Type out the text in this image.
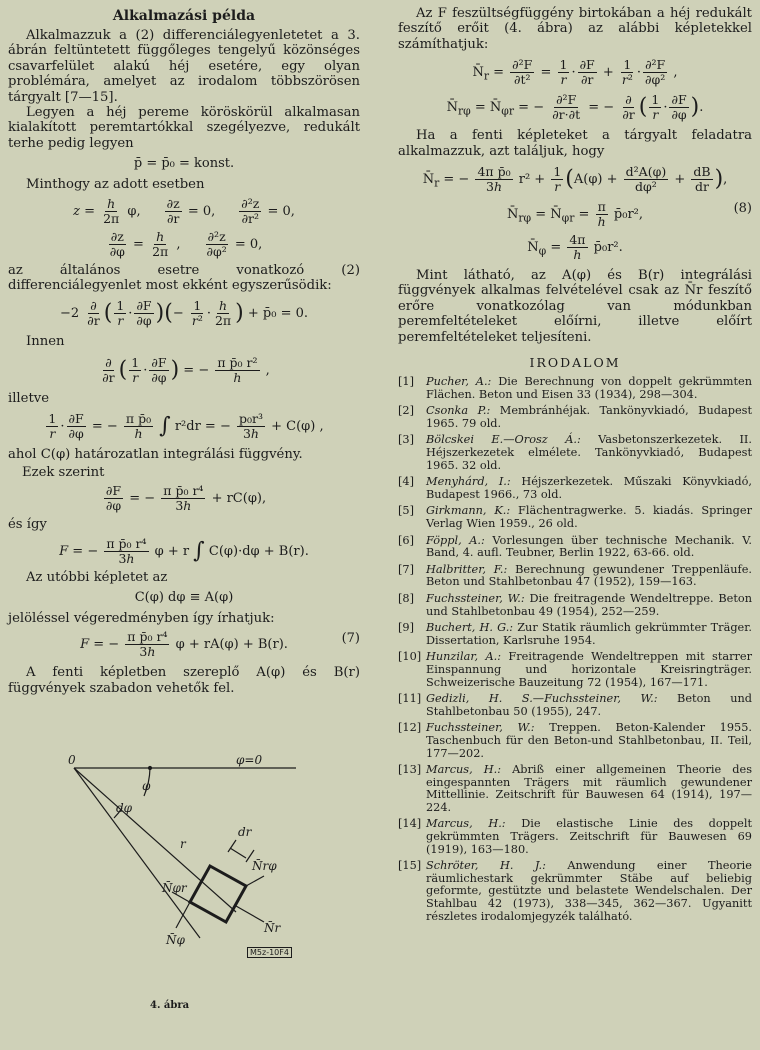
Alkalmazási példa

Alkalmazzuk a (2) differenciálegyenletetet a 3. ábrán feltüntetett függőleges tengelyű közönséges csavarfelület alakú héj esetére, egy olyan problémára, amelyet az irodalom többszörösen tárgyalt [7—15].

Legyen a héj pereme köröskörül alkalmasan kialakított peremtartókkal szegélyezve, redukált terhe pedig legyen

p̄ = p̄₀ = konst.

Minthogy az adott esetben

$z = \frac{h}{2\pi} \varphi$, $\frac{\partial z}{\partial r} = 0$, $\frac{\text{∂²z}}{\text{∂r²}} = 0$,
$\frac{\partial z}{\partial\varphi} = \frac{h}{2\pi}$ , $\frac{\text{∂²z}}{\text{∂φ²}} = 0$,

az általános esetre vonatkozó (2) differenciálegyenlet most ekként egyszerűsödik:

$-2 \frac{\partial}{\partial r}$ ( $\frac{1}{r} \cdot \frac{\partial F}{\partial\varphi}$ )(− $\frac{1}{\text{r²}} \cdot \frac{h}{2\pi}$ ) + p̄₀ = 0.
Innen
$\frac{\partial}{\partial r}$ ( $\frac{1}{r} \cdot \frac{\partial F}{\partial\varphi}$ ) = − $\frac{\text{π p̄₀ r²}}{h}$ ,
illetve
$\frac{1}{r} \cdot \frac{\partial F}{\partial\varphi}$ = − $\frac{\text{π p̄₀}}{h}$ ∫ r²dr = − $\frac{\text{p₀r³}}{3h} + C(\varphi)$ ,

ahol C(φ) határozatlan integrálási függvény.

Ezek szerint
$\frac{\partial F}{\partial\varphi}$ = − $\frac{\text{π p̄₀ r⁴}}{3h} + rC(\varphi)$,
és így
F = − $\frac{\text{π p̄₀ r⁴}}{3h}$ φ + r ∫ C(φ)·dφ + B(r).

Az utóbbi képletet az

C(φ) dφ ≡ A(φ)

jelöléssel végeredményben így írhatjuk:

F = − $\frac{\text{π p̄₀ r⁴}}{3h}$ φ + rA(φ) + B(r).	(7)

A fenti képletben szereplő A(φ) és B(r) függvények szabadon vehetők fel.

0	φ=0
φ
dφ
r
dr
N̄φr
N̄rφ
N̄r
N̄φ
M5z-10F4
4. ábra

Az F feszültségfüggény birtokában a héj redukált feszítő erőit (4. ábra) az alábbi képletekkel számíthatjuk:

$N̄_r = \frac{\text{∂²F}}{\text{∂t²}} = \frac{1}{r} \cdot \frac{\partial F}{\partial r} + \frac{1}{\text{r²}} \cdot \frac{\text{∂²F}}{\text{∂φ²}}$ ,
$N̄_{r\varphi}$ = $N̄_{\varphi r}$ = − $\frac{\text{∂²F}}{\partial r\cdot\partial t}$ = − $\frac{\partial}{\partial r}$ ( $\frac{1}{r} \cdot \frac{\partial F}{\partial\varphi}$ ).

Ha a fenti képleteket a tárgyalt feladatra alkalmazzuk, azt találjuk, hogy

$N̄_r$ = − $\frac{\text{4π p̄₀}}{3h} r^2 + \frac{1}{r} (A(\varphi) + \frac{\text{d²A(φ)}}{\text{dφ²}} + \frac{dB}{dr}$ ),
$N̄_{r\varphi}$ = $N̄_{\varphi r} = \frac{\pi}{h}$ p̄₀r²,	(8)
$N̄_\varphi = \frac{4\pi}{h}$ p̄₀r².

Mint látható, az A(φ) és B(r) integrálási függvények alkalmas felvételével csak az N̄r feszítő erőre vonatkozólag van módunkban peremfeltételeket előírni, illetve előírt peremfeltételeket teljesíteni.

IRODALOM
[1]	Pucher, A.: Die Berechnung von doppelt gekrümmten Flächen. Beton und Eisen 33 (1934), 298—304.
[2]	Csonka P.: Membránhéjak. Tankönyvkiadó, Budapest 1965. 79 old.
[3]	Bölcskei E.—Orosz Á.: Vasbetonszerkezetek. II. Héjszerkezetek elmélete. Tankönyvkiadó, Budapest 1965. 32 old.
[4]	Menyhárd, I.: Héjszerkezetek. Műszaki Könyvkiadó, Budapest 1966., 73 old.
[5]	Girkmann, K.: Flächentragwerke. 5. kiadás. Springer Verlag Wien 1959., 26 old.
[6]	Föppl, A.: Vorlesungen über technische Mechanik. V. Band, 4. aufl. Teubner, Berlin 1922, 63-66. old.
[7]	Halbritter, F.: Berechnung gewundener Treppenläufe. Beton und Stahlbetonbau 47 (1952), 159—163.
[8]	Fuchssteiner, W.: Die freitragende Wendeltreppe. Beton und Stahlbetonbau 49 (1954), 252—259.
[9]	Buchert, H. G.: Zur Statik räumlich gekrümmter Träger. Dissertation, Karlsruhe 1954.
[10] Hunzilar, A.: Freitragende Wendeltreppen mit starrer Einspannung und horizontale Kreisringträger. Schweizerische Bauzeitung 72 (1954), 167—171.
[11] Gedizli, H. S.—Fuchssteiner, W.: Beton und Stahlbetonbau 50 (1955), 247.
[12] Fuchssteiner, W.: Treppen. Beton-Kalender 1955. Taschenbuch für den Beton-und Stahlbetonbau, II. Teil, 177—202.
[13] Marcus, H.: Abriß einer allgemeinen Theorie des eingespannten Trägers mit räumlich gewundener Mittellinie. Zeitschrift für Bauwesen 64 (1914), 197—224.
[14] Marcus, H.: Die elastische Linie des doppelt gekrümmten Trägers. Zeitschrift für Bauwesen 69 (1919), 163—180.
[15] Schröter, H. J.: Anwendung einer Theorie räumlichestark gekrümmter Stäbe auf beliebig geformte, gestützte und belastete Wendelschalen. Der Stahlbau 42 (1973), 338—345, 362—367. Ugyanitt részletes irodalomjegyzék található.
